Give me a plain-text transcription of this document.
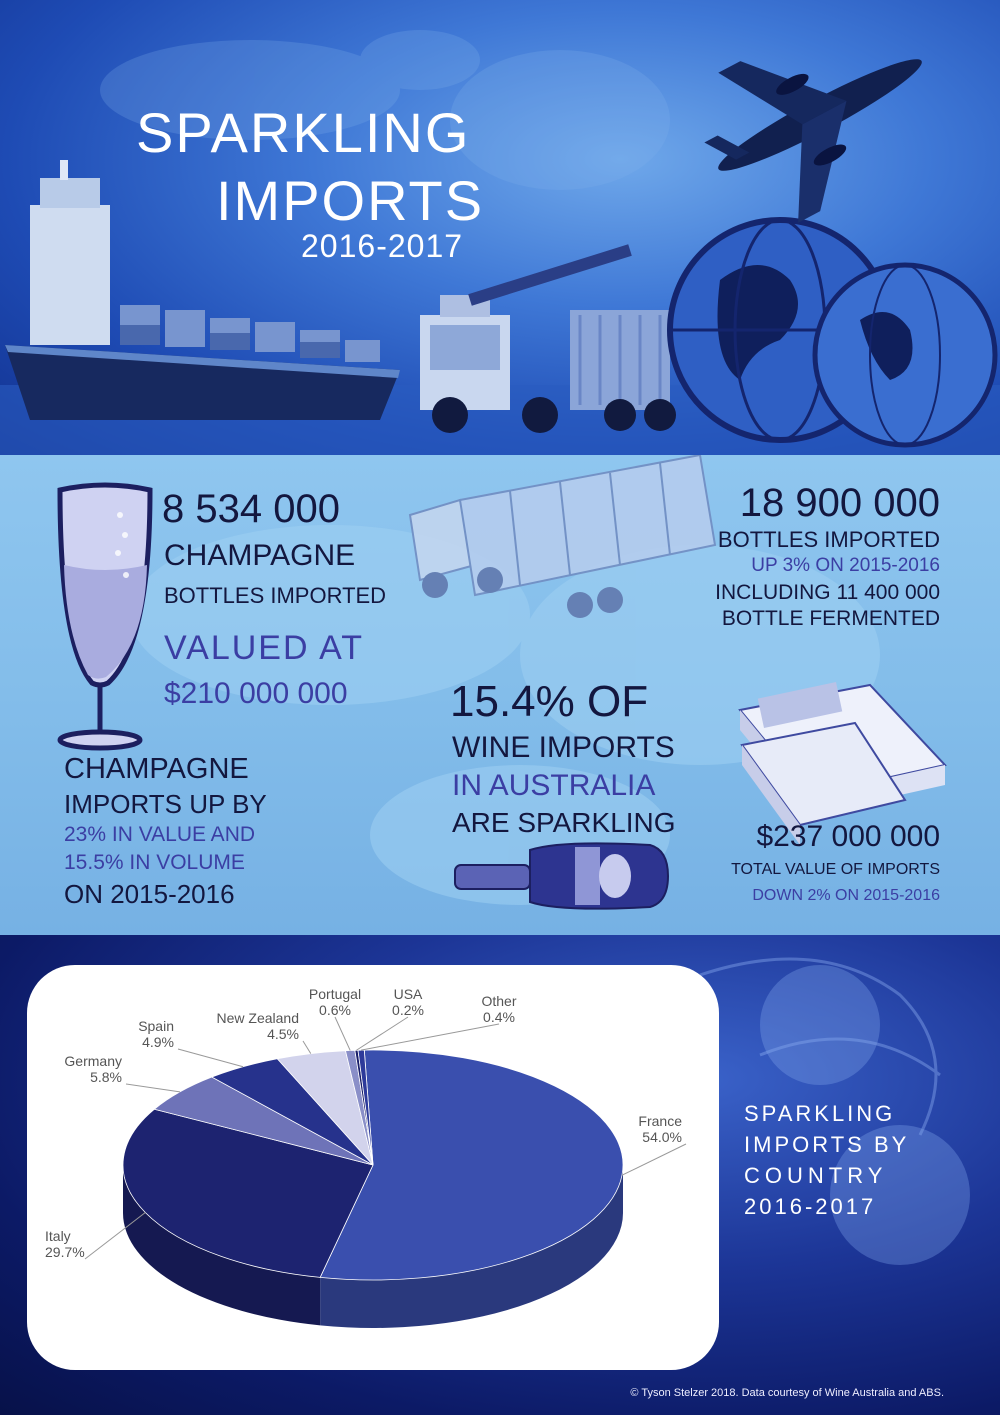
SPARKLING
IMPORTS
2016-2017
8 534 000
CHAMPAGNE
BOTTLES IMPORTED
VALUED AT
$210 000 000
CHAMPAGNE
IMPORTS UP BY
23% IN VALUE AND
15.5% IN VOLUME
ON 2015-2016
18 900 000
BOTTLES IMPORTED
UP 3% ON 2015-2016
INCLUDING 11 400 000
BOTTLE FERMENTED
15.4% OF
WINE IMPORTS
IN AUSTRALIA
ARE SPARKLING	$237 000 000
TOTAL VALUE OF IMPORTS
DOWN 2% ON 2015-2016
France
54.0%
Italy
29.7%
Germany
5.8%
Spain
4.9%
New Zealand
4.5%
Portugal
0.6%
USA
0.2%
Other
0.4%
SPARKLING
IMPORTS BY
COUNTRY
2016-2017
© Tyson Stelzer 2018. Data courtesy of Wine Australia and ABS.
